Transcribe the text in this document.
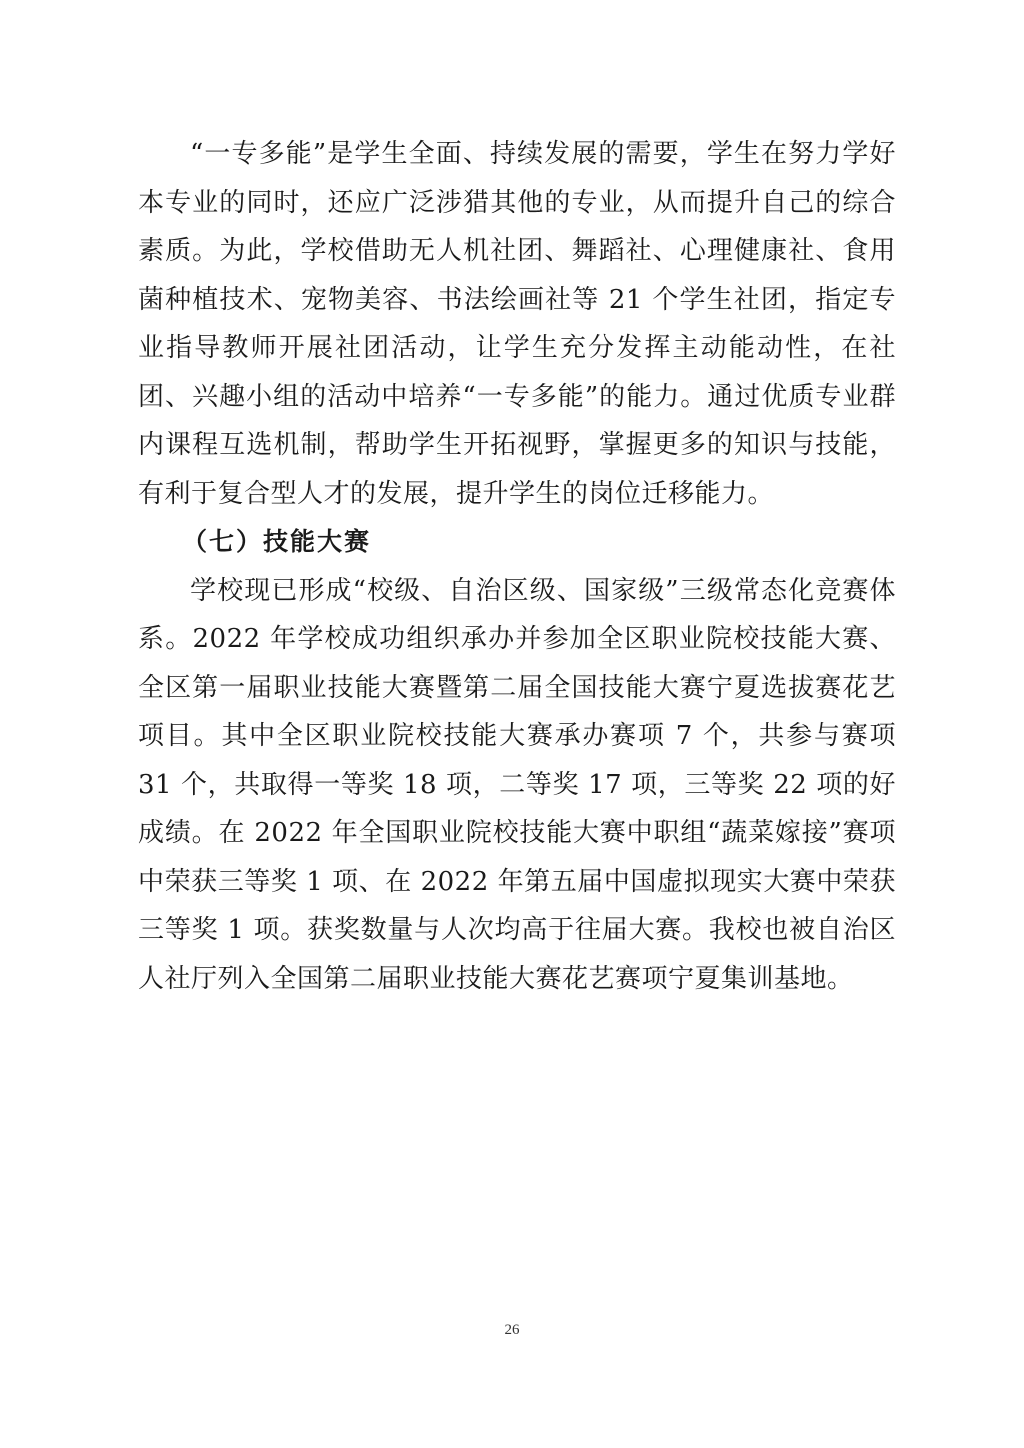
“一专多能”是学生全面、持续发展的需要，学生在努力学好本专业的同时，还应广泛涉猎其他的专业，从而提升自己的综合素质。为此，学校借助无人机社团、舞蹈社、心理健康社、食用菌种植技术、宠物美容、书法绘画社等 21 个学生社团，指定专业指导教师开展社团活动，让学生充分发挥主动能动性，在社团、兴趣小组的活动中培养“一专多能”的能力。通过优质专业群内课程互选机制，帮助学生开拓视野，掌握更多的知识与技能，有利于复合型人才的发展，提升学生的岗位迁移能力。

（七）技能大赛

学校现已形成“校级、自治区级、国家级”三级常态化竞赛体系。2022 年学校成功组织承办并参加全区职业院校技能大赛、全区第一届职业技能大赛暨第二届全国技能大赛宁夏选拔赛花艺项目。其中全区职业院校技能大赛承办赛项 7 个，共参与赛项 31 个，共取得一等奖 18 项，二等奖 17 项，三等奖 22 项的好成绩。在 2022 年全国职业院校技能大赛中职组“蔬菜嫁接”赛项中荣获三等奖 1 项、在 2022 年第五届中国虚拟现实大赛中荣获三等奖 1 项。获奖数量与人次均高于往届大赛。我校也被自治区人社厅列入全国第二届职业技能大赛花艺赛项宁夏集训基地。

26
